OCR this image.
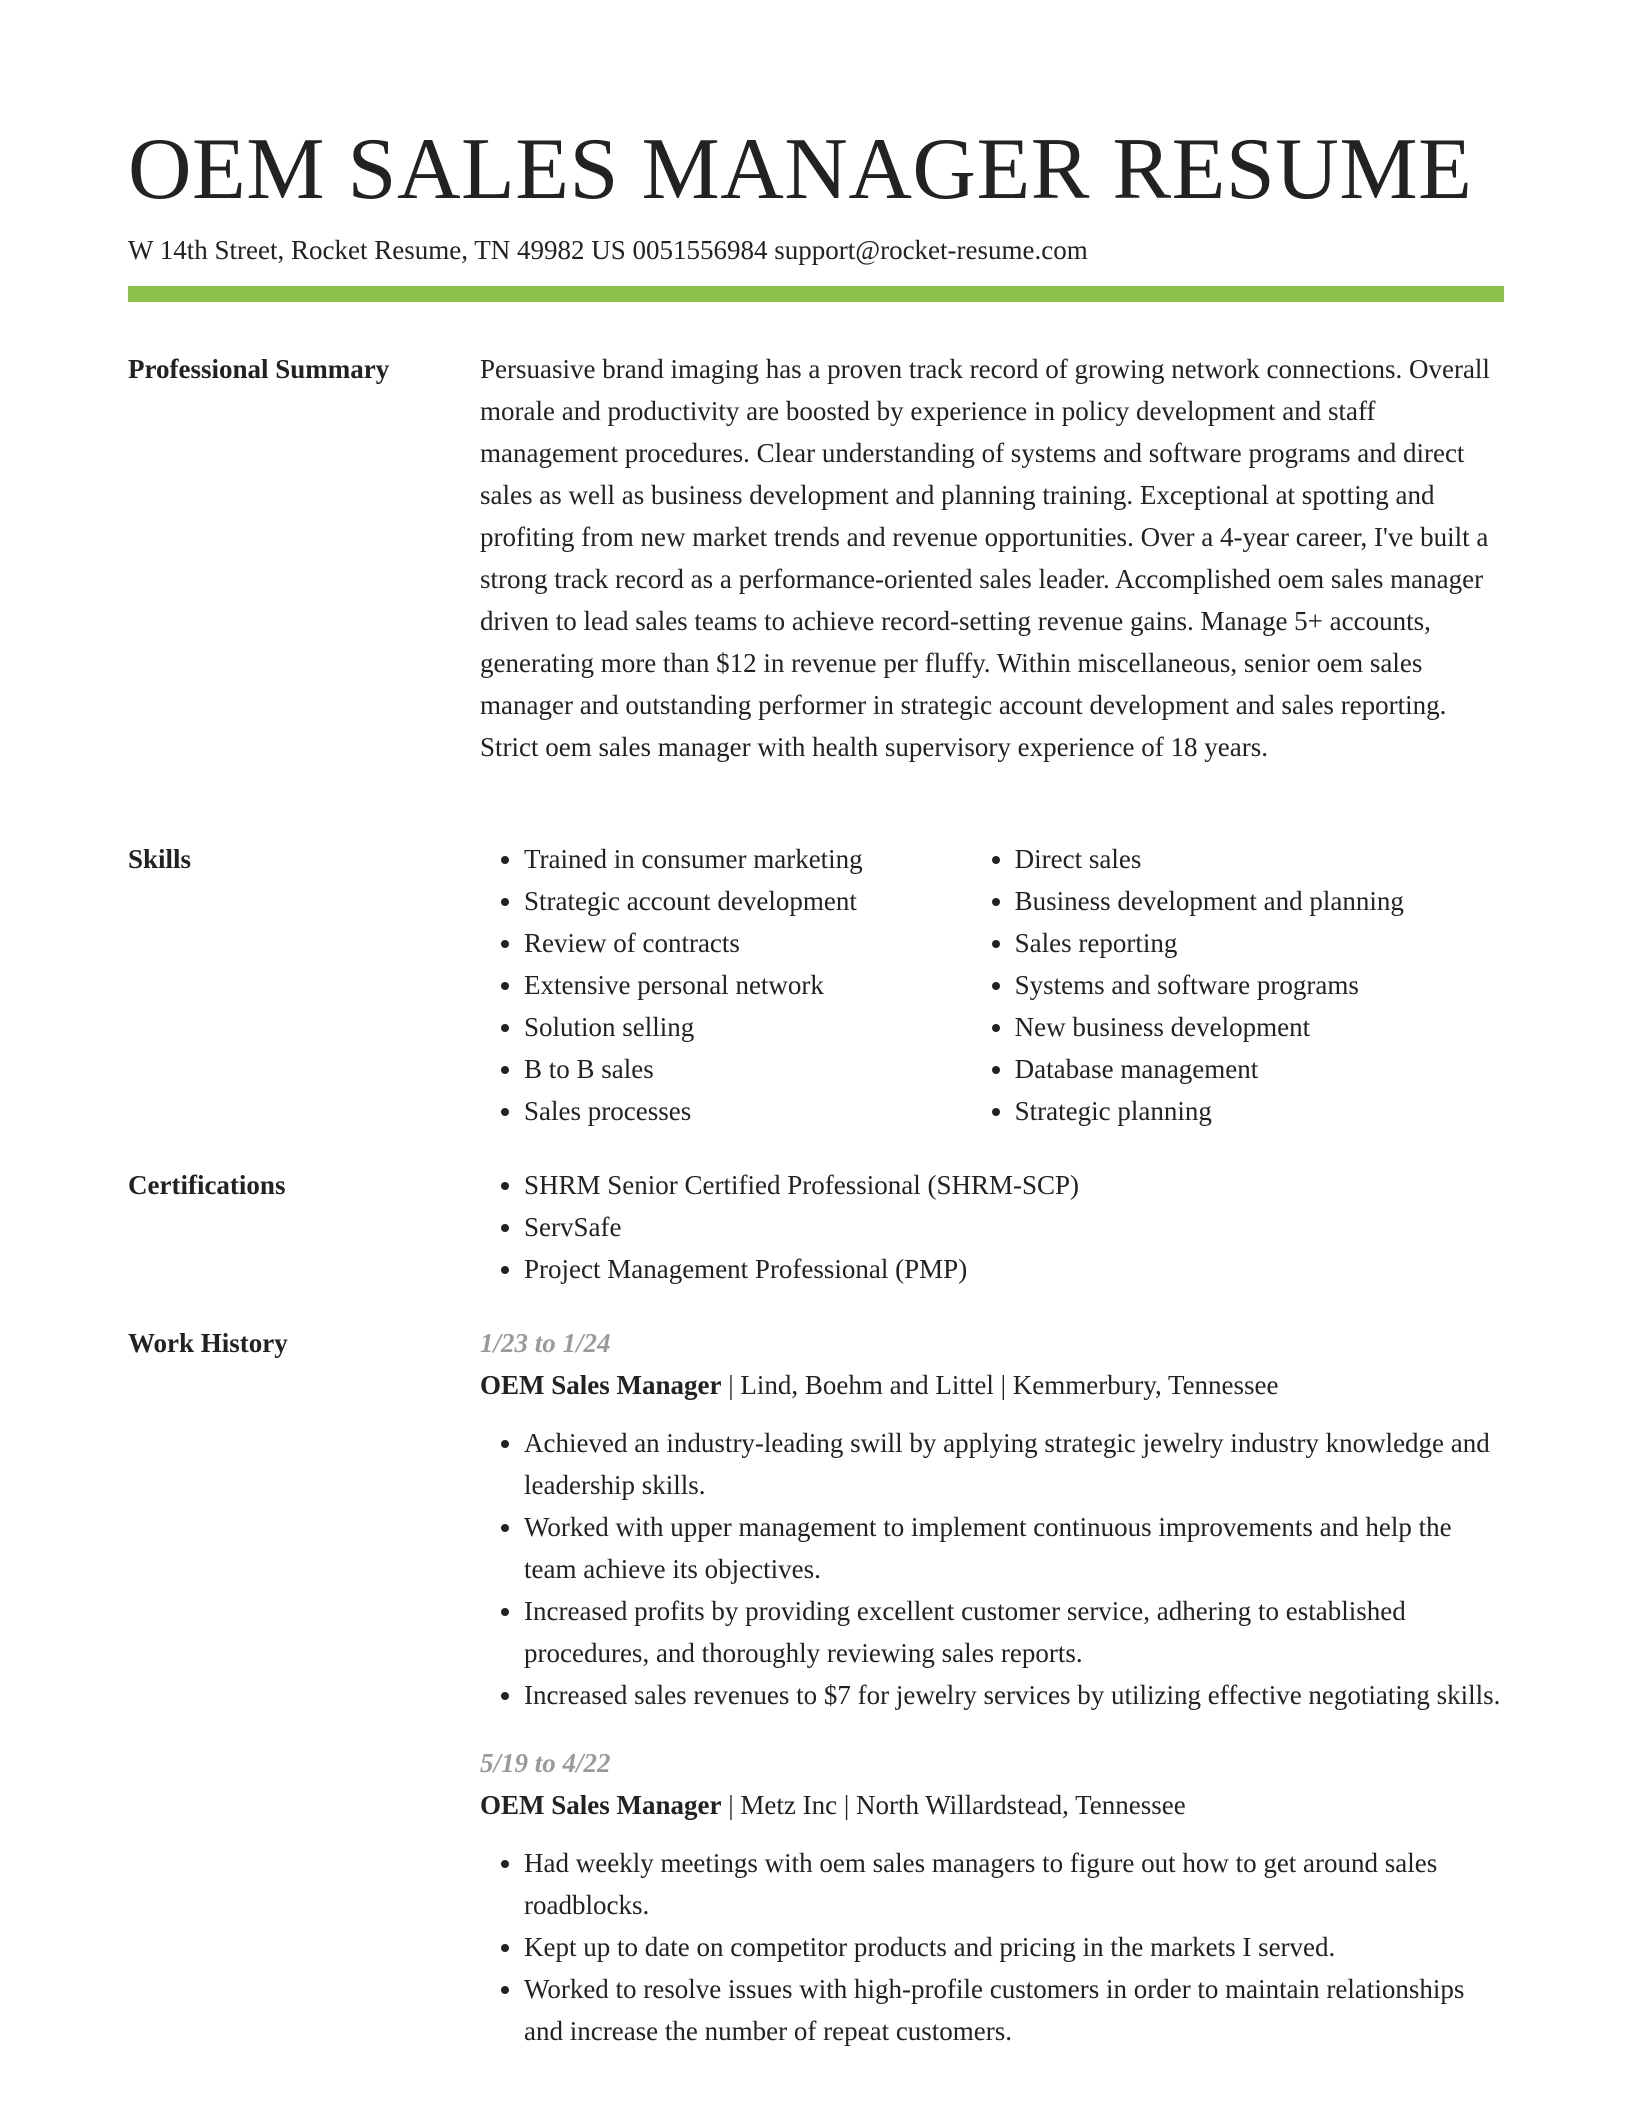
OEM SALES MANAGER RESUME
W 14th Street, Rocket Resume, TN 49982 US 0051556984 support@rocket-resume.com
Professional Summary	Persuasive brand imaging has a proven track record of growing network connections. Overall morale and productivity are boosted by experience in policy development and staff management procedures. Clear understanding of systems and software programs and direct sales as well as business development and planning training. Exceptional at spotting and profiting from new market trends and revenue opportunities. Over a 4-year career, I've built a strong track record as a performance-oriented sales leader. Accomplished oem sales manager driven to lead sales teams to achieve record-setting revenue gains. Manage 5+ accounts, generating more than $12 in revenue per fluffy. Within miscellaneous, senior oem sales manager and outstanding performer in strategic account development and sales reporting. Strict oem sales manager with health supervisory experience of 18 years.

Skills	• Trained in consumer marketing
• Strategic account development
• Review of contracts
• Extensive personal network
• Solution selling
• B to B sales
• Sales processes
• Direct sales
• Business development and planning
• Sales reporting
• Systems and software programs
• New business development
• Database management
• Strategic planning
Certifications	• SHRM Senior Certified Professional (SHRM-SCP)
• ServSafe
• Project Management Professional (PMP)
Work History	1/23 to 1/24
OEM Sales Manager | Lind, Boehm and Littel | Kemmerbury, Tennessee
• Achieved an industry-leading swill by applying strategic jewelry industry knowledge and leadership skills.
• Worked with upper management to implement continuous improvements and help the team achieve its objectives.
• Increased profits by providing excellent customer service, adhering to established procedures, and thoroughly reviewing sales reports.
• Increased sales revenues to $7 for jewelry services by utilizing effective negotiating skills.
5/19 to 4/22
OEM Sales Manager | Metz Inc | North Willardstead, Tennessee
• Had weekly meetings with oem sales managers to figure out how to get around sales roadblocks.
• Kept up to date on competitor products and pricing in the markets I served.
• Worked to resolve issues with high-profile customers in order to maintain relationships and increase the number of repeat customers.
